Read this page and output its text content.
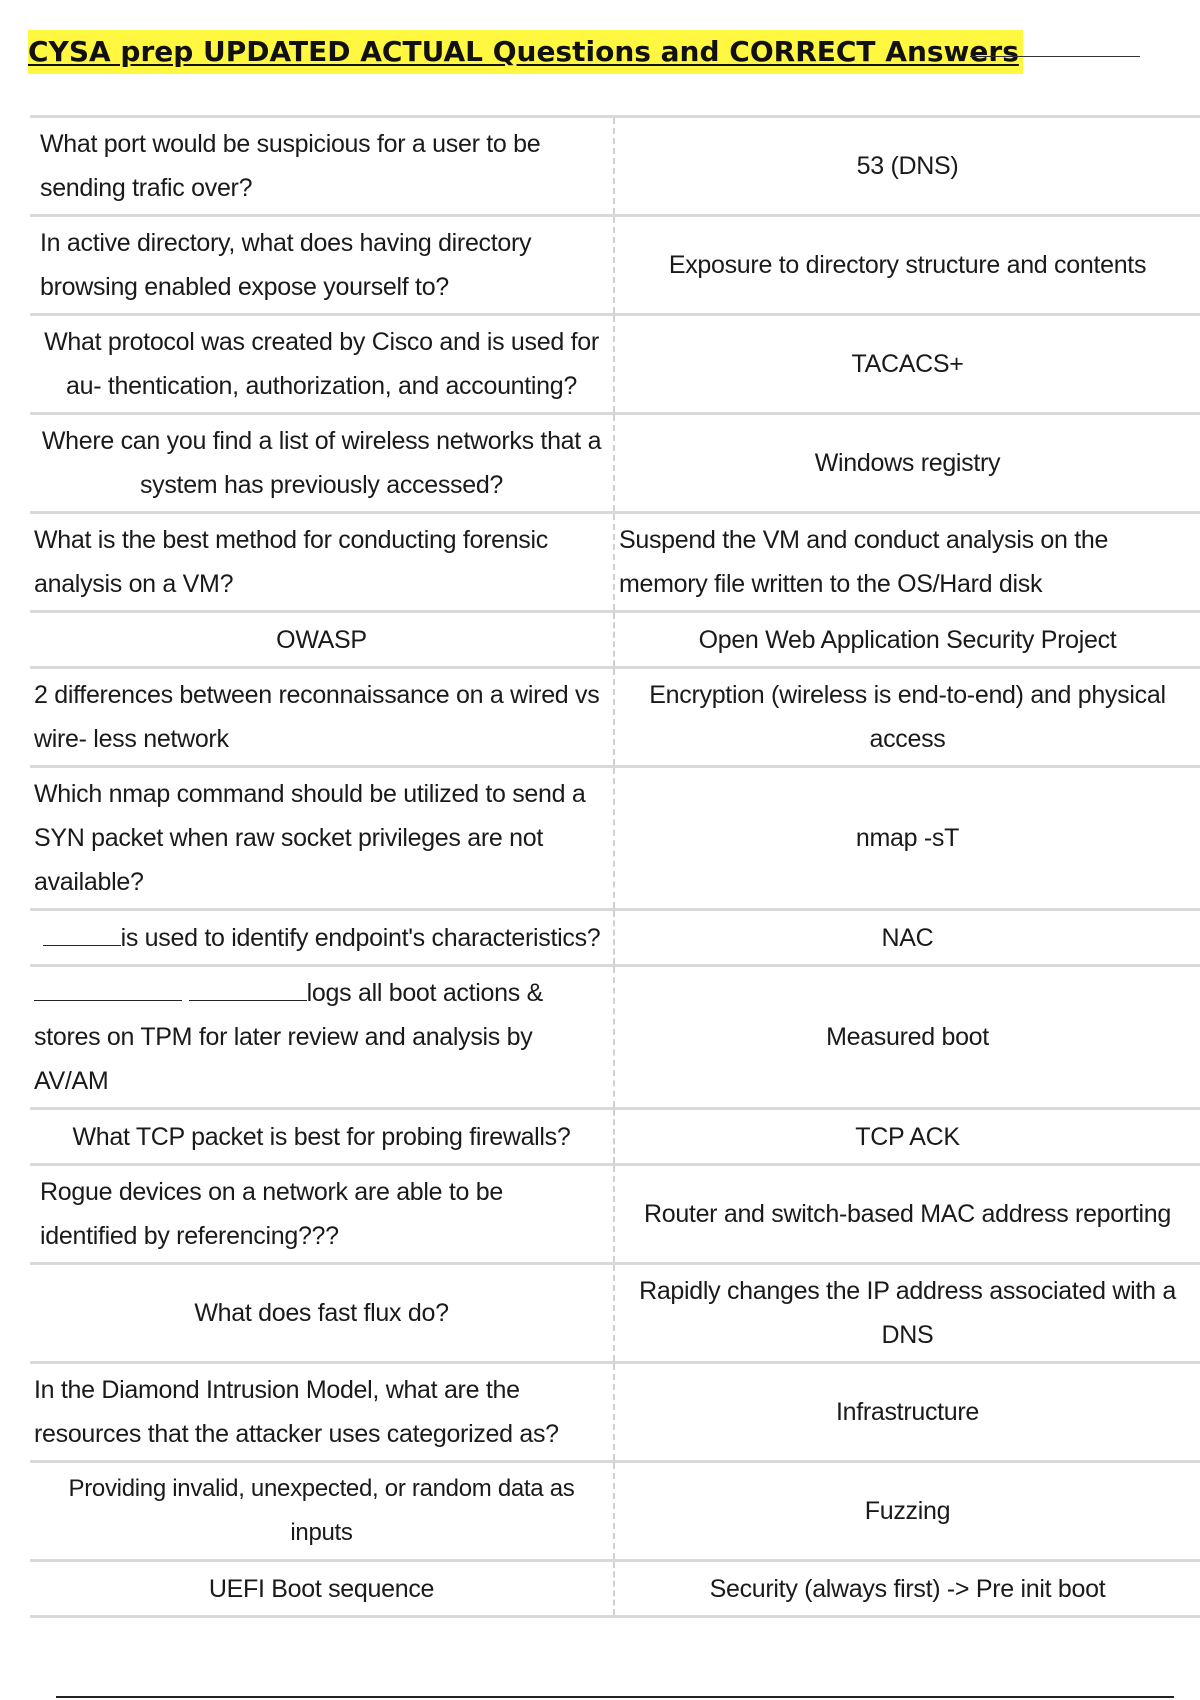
CYSA prep UPDATED ACTUAL Questions and CORRECT Answers
What port would be suspicious for a user to be sending trafic over?	53 (DNS)
In active directory, what does having directory browsing enabled expose yourself to?	Exposure to directory structure and contents
What protocol was created by Cisco and is used for au- thentication, authorization, and accounting?	TACACS+
Where can you find a list of wireless networks that a system has previously accessed?	Windows registry
What is the best method for conducting forensic analysis on a VM?	Suspend the VM and conduct analysis on the memory file written to the OS/Hard disk
OWASP	Open Web Application Security Project
2 differences between reconnaissance on a wired vs wire- less network	Encryption (wireless is end-to-end) and physical access
Which nmap command should be utilized to send a SYN packet when raw socket privileges are not available?	nmap -sT
is used to identify endpoint's characteristics?	NAC
logs all boot actions & stores on TPM for later review and analysis by AV/AM	Measured boot
What TCP packet is best for probing firewalls?	TCP ACK
Rogue devices on a network are able to be identified by referencing???	Router and switch-based MAC address reporting
What does fast flux do?	Rapidly changes the IP address associated with a DNS
In the Diamond Intrusion Model, what are the resources that the attacker uses categorized as?	Infrastructure
Providing invalid, unexpected, or random data as inputs	Fuzzing
UEFI Boot sequence	Security (always first) -> Pre init boot
